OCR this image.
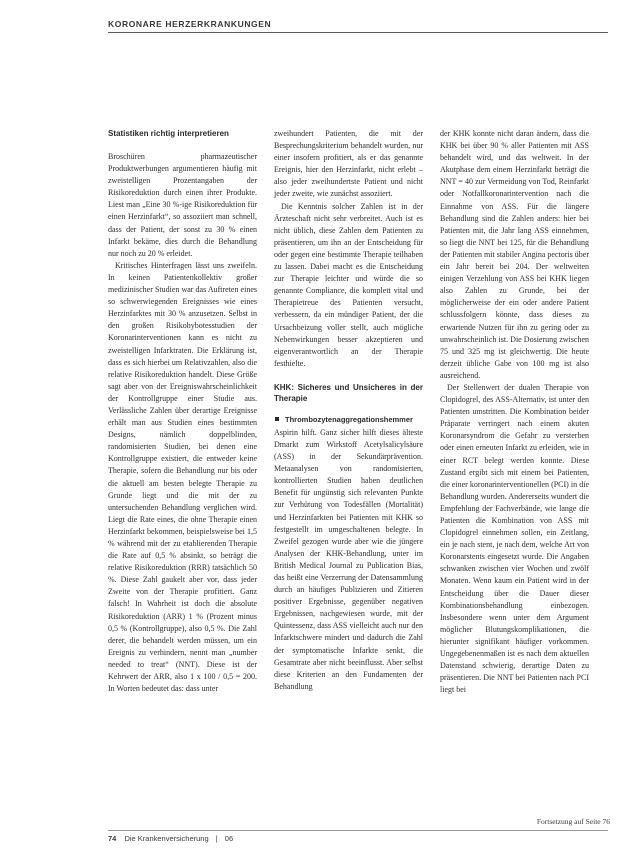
KORONARE HERZERKRANKUNGEN
Statistiken richtig interpretieren

Broschüren pharmazeutischer Produktwerbungen argumentieren häufig mit zweistelligen Prozentangaben der Risikoreduktion durch einen ihrer Produkte. Liest man „Eine 30 %-ige Risikoreduktion für einen Herzinfarkt“, so assoziiert man schnell, dass der Patient, der sonst zu 30 % einen Infarkt bekäme, dies durch die Behandlung nur noch zu 20 % erleidet.

Kritisches Hinterfragen lässt uns zweifeln. In keinen Patientenkollektiv großer medizinischer Studien war das Auftreten eines so schwerwiegenden Ereignisses wie eines Herzinfarktes mit 30 % anzusetzen. Selbst in den großen Risikohybotesstudien der Koronarinterventionen kann es nicht zu zweistelligen Infarktraten. Die Erklärung ist, dass es sich hierbei um Relativzahlen, also die relative Risikoreduktion handelt. Diese Größe sagt aber von der Ereigniswahrscheinlichkeit der Kontrollgruppe einer Studie aus. Verlässliche Zahlen über derartige Ereignisse erhält man aus Studien eines bestimmten Designs, nämlich doppelblinden, randomisierten Studien, bei denen eine Kontrollgruppe existiert, die entweder keine Therapie, sofern die Behandlung nur bis oder die aktuell am besten belegte Therapie zu Grunde liegt und die mit der zu untersuchenden Behandlung verglichen wird. Liegt die Rate eines, die ohne Therapie einen Herzinfarkt bekommen, beispielsweise bei 1,5 % während mit der zu etablierenden Therapie die Rate auf 0,5 % absinkt, so beträgt die relative Risikoreduktion (RRR) tatsächlich 50 %. Diese Zahl gaukelt aber vor, dass jeder Zweite von der Therapie profitiert. Ganz falsch! In Wahrheit ist doch die absolute Risikoreduktion (ARR) 1 % (Prozent minus 0,5 % (Kontrollgruppe), also 0,5 %. Die Zahl derer, die behandelt werden müssen, um ein Ereignis zu verhindern, nennt man „number needed to treat“ (NNT). Diese ist der Kehrwert der ARR, also 1 x 100 / 0,5 = 200. In Worten bedeutet das: dass unter

zweihundert Patienten, die mit der Besprechungskriterium behandelt wurden, nur einer insofern profitiert, als er das genannte Ereignis, hier den Herzinfarkt, nicht erlebt – also jeder zweihundertste Patient und nicht jeder zweite, wie zunächst assoziiert.

Die Kenntnis solcher Zahlen ist in der Ärzteschaft nicht sehr verbreitet. Auch ist es nicht üblich, diese Zahlen dem Patienten zu präsentieren, um ihn an der Entscheidung für oder gegen eine bestimmte Therapie teilhaben zu lassen. Dabei macht es die Entscheidung zur Therapie leichter und würde die so genannte Compliance, die komplett vital und Therapietreue des Patienten versucht, verbessern, da ein mündiger Patient, der die Ursachbeizung voller stellt, auch mögliche Nebenwirkungen besser akzeptieren und eigenverantwortlich an der Therapie festhielte.

KHK: Sicheres und Unsicheres in der Therapie
Thrombozytenaggregationshemmer

Aspirin hilft. Ganz sicher hilft dieses älteste Dmarkt zum Wirkstoff Acetylsalicylsäure (ASS) in der Sekundärprävention. Metaanalysen von randomisierten, kontrollierten Studien haben deutlichen Benefit für ungünstig sich relevanten Punkte zur Verhütung von Todesfällen (Mortalität) und Herzinfarkten bei Patienten mit KHK so festgestellt im umgeschaltenen belegte. In Zweifel gezogen wurde aber wie die jüngere Analysen der KHK-Behandlung, unter im British Medical Journal zu Publication Bias, das heißt eine Verzerrung der Datensammlung durch an häufiges Publizieren und Zitieren positiver Ergebnisse, gegenüber negativen Ergebnissen, nachgewiesen wurde, mit der Quintessenz, dass ASS vielleicht auch nur den Infarktschwere mindert und dadurch die Zahl der symptomatische Infarkte senkt, die Gesamtrate aber nicht beeinflusst. Aber selbst diese Kriterien an den Fundamenten der Behandlung

der KHK konnte nicht daran ändern, dass die KHK bei über 90 % aller Patienten mit ASS behandelt wird, und das weltweit. In der Akutphase dem einem Herzinfarkt beträgt die NNT = 40 zur Vermeidung von Tod, Reinfarkt oder Notfallkoronarintervention nach die Einnahme von ASS. Für die längere Behandlung sind die Zahlen anders: hier bei Patienten mit, die Jahr lang ASS einnehmen, so liegt die NNT bei 125, für die Behandlung der Patienten mit stabiler Angina pectoris über ein Jahr bereit bei 204. Der weltweiten einigen Verzehlung von ASS bei KHK liegen also Zahlen zu Grunde, bei der möglicherweise der ein oder andere Patient schlussfolgern könnte, dass dieses zu erwartende Nutzen für ihn zu gering oder zu unwahrscheinlich ist. Die Dosierung zwischen 75 und 325 mg ist gleichwertig. Die heute derzeit übliche Gabe von 100 mg ist also ausreichend.

Der Stellenwert der dualen Therapie von Clopidogrel, des ASS-Alternativ, ist unter den Patienten umstritten. Die Kombination beider Präparate verringert nach einem akuten Koronarsyndrom die Gefahr zu versterben oder einen erneuten Infarkt zu erleiden, wie in einer RCT belegt werden konnte. Diese Zustand ergibt sich mit einem bei Patienten, die einer koronarinterventionellen (PCI) in die Behandlung wurden. Andererseits wundert die Empfehlung der Fachverbände, wie lange die Patienten die Kombination von ASS mit Clopidogrel einnehmen sollen, ein Zeitlang, ein je nach stent, je nach dem, welche Art von Koronarstents eingesetzt wurde. Die Angaben schwanken zwischen vier Wochen und zwölf Monaten. Wenn kaum ein Patient wird in der Entscheidung über die Dauer dieser Kombinationsbehandlung einbezogen. Insbesondere wenn unter dem Argument möglicher Blutungskomplikationen, die hierunter signifikant häufiger vorkommen. Ungegebenenmaßen ist es nach dem aktuellen Datenstand schwierig, derartige Daten zu präsentieren. Die NNT bei Patienten nach PCI liegt bei

Fortsetzung auf Seite 76
74 Die Krankenversicherung | 06
